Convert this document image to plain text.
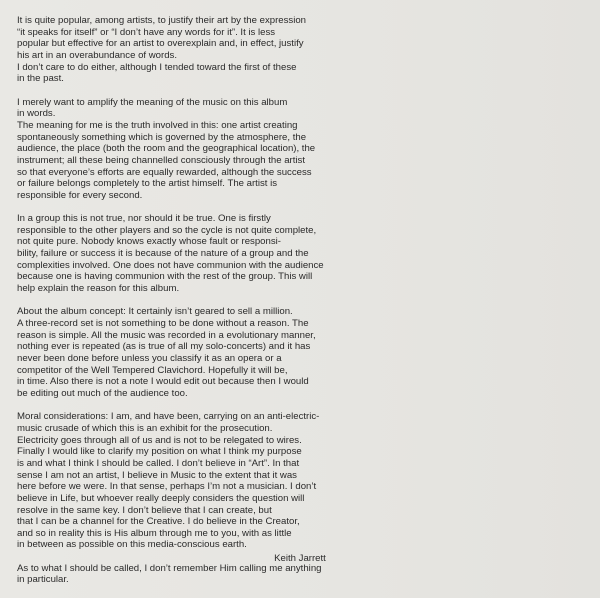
It is quite popular, among artists, to justify their art by the expression
“it speaks for itself” or “I don’t have any words for it”. It is less
popular but effective for an artist to overexplain and, in effect, justify
his art in an overabundance of words.
I don’t care to do either, although I tended toward the first of these
in the past.
I merely want to amplify the meaning of the music on this album
in words.
The meaning for me is the truth involved in this: one artist creating
spontaneously something which is governed by the atmosphere, the
audience, the place (both the room and the geographical location), the
instrument; all these being channelled consciously through the artist
so that everyone’s efforts are equally rewarded, although the success
or failure belongs completely to the artist himself. The artist is
responsible for every second.
In a group this is not true, nor should it be true. One is firstly
responsible to the other players and so the cycle is not quite complete,
not quite pure. Nobody knows exactly whose fault or responsi-
bility, failure or success it is because of the nature of a group and the
complexities involved. One does not have communion with the audience
because one is having communion with the rest of the group. This will
help explain the reason for this album.
About the album concept: It certainly isn’t geared to sell a million.
A three-record set is not something to be done without a reason. The
reason is simple. All the music was recorded in a evolutionary manner,
nothing ever is repeated (as is true of all my solo-concerts) and it has
never been done before unless you classify it as an opera or a
competitor of the Well Tempered Clavichord. Hopefully it will be,
in time. Also there is not a note I would edit out because then I would
be editing out much of the audience too.
Moral considerations: I am, and have been, carrying on an anti-electric-
music crusade of which this is an exhibit for the prosecution.
Electricity goes through all of us and is not to be relegated to wires.
Finally I would like to clarify my position on what I think my purpose
is and what I think I should be called. I don’t believe in “Art”. In that
sense I am not an artist, I believe in Music to the extent that it was
here before we were. In that sense, perhaps I’m not a musician. I don’t
believe in Life, but whoever really deeply considers the question will
resolve in the same key. I don’t believe that I can create, but
that I can be a channel for the Creative. I do believe in the Creator,
and so in reality this is His album through me to you, with as little
in between as possible on this media-conscious earth.
As to what I should be called, I don’t remember Him calling me anything
in particular.
Keith Jarrett
